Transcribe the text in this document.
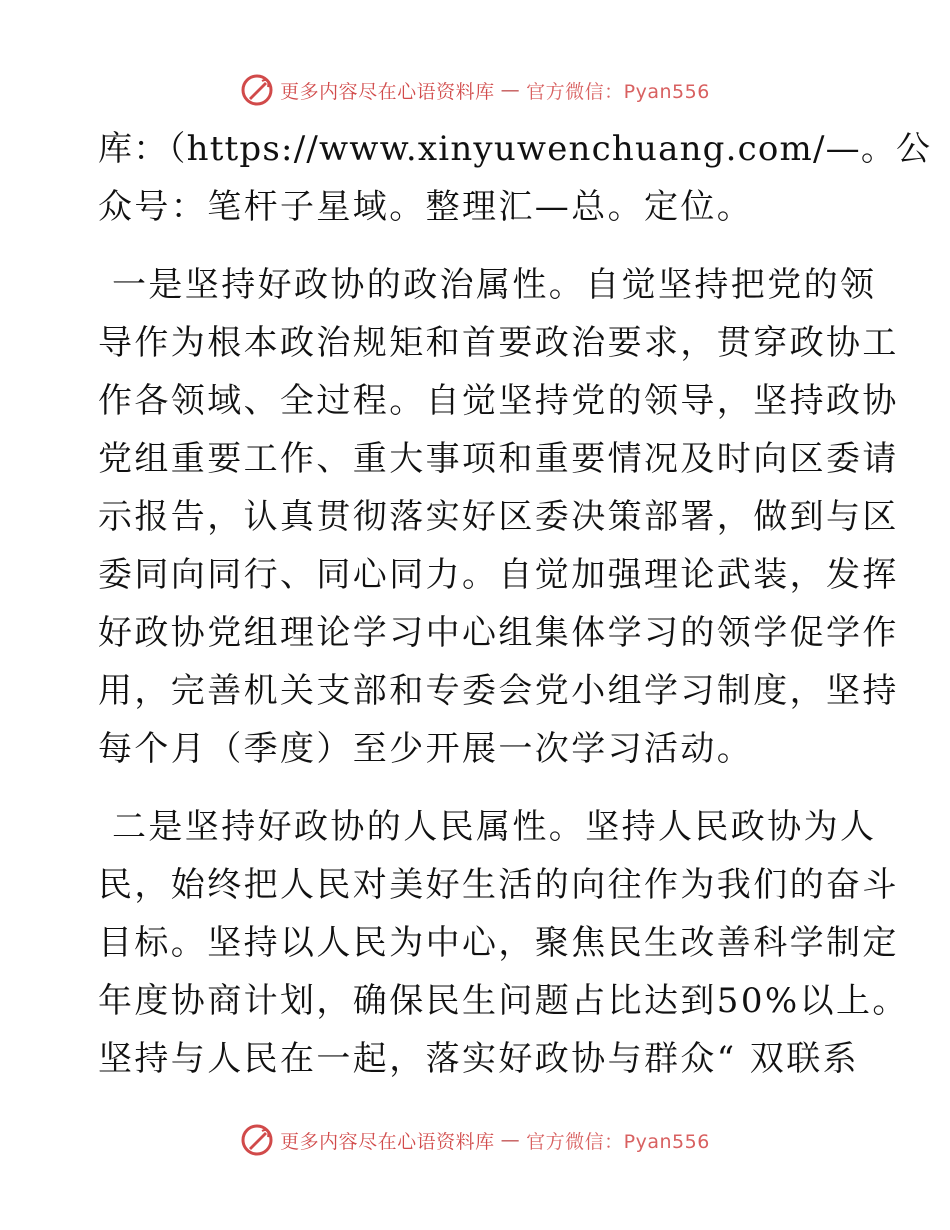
更多内容尽在心语资料库 — 官方微信：Pyan556
库：（https://www.xinyuwenchuang.com/—。公
众号：笔杆子星域。整理汇—总。定位。
一是坚持好政协的政治属性。自觉坚持把党的领
导作为根本政治规矩和首要政治要求，贯穿政协工
作各领域、全过程。自觉坚持党的领导，坚持政协
党组重要工作、重大事项和重要情况及时向区委请
示报告，认真贯彻落实好区委决策部署，做到与区
委同向同行、同心同力。自觉加强理论武装，发挥
好政协党组理论学习中心组集体学习的领学促学作
用，完善机关支部和专委会党小组学习制度，坚持
每个月（季度）至少开展一次学习活动。
二是坚持好政协的人民属性。坚持人民政协为人
民，始终把人民对美好生活的向往作为我们的奋斗
目标。坚持以人民为中心，聚焦民生改善科学制定
年度协商计划，确保民生问题占比达到50%以上。
坚持与人民在一起，落实好政协与群众“ 双联系
更多内容尽在心语资料库 — 官方微信：Pyan556
